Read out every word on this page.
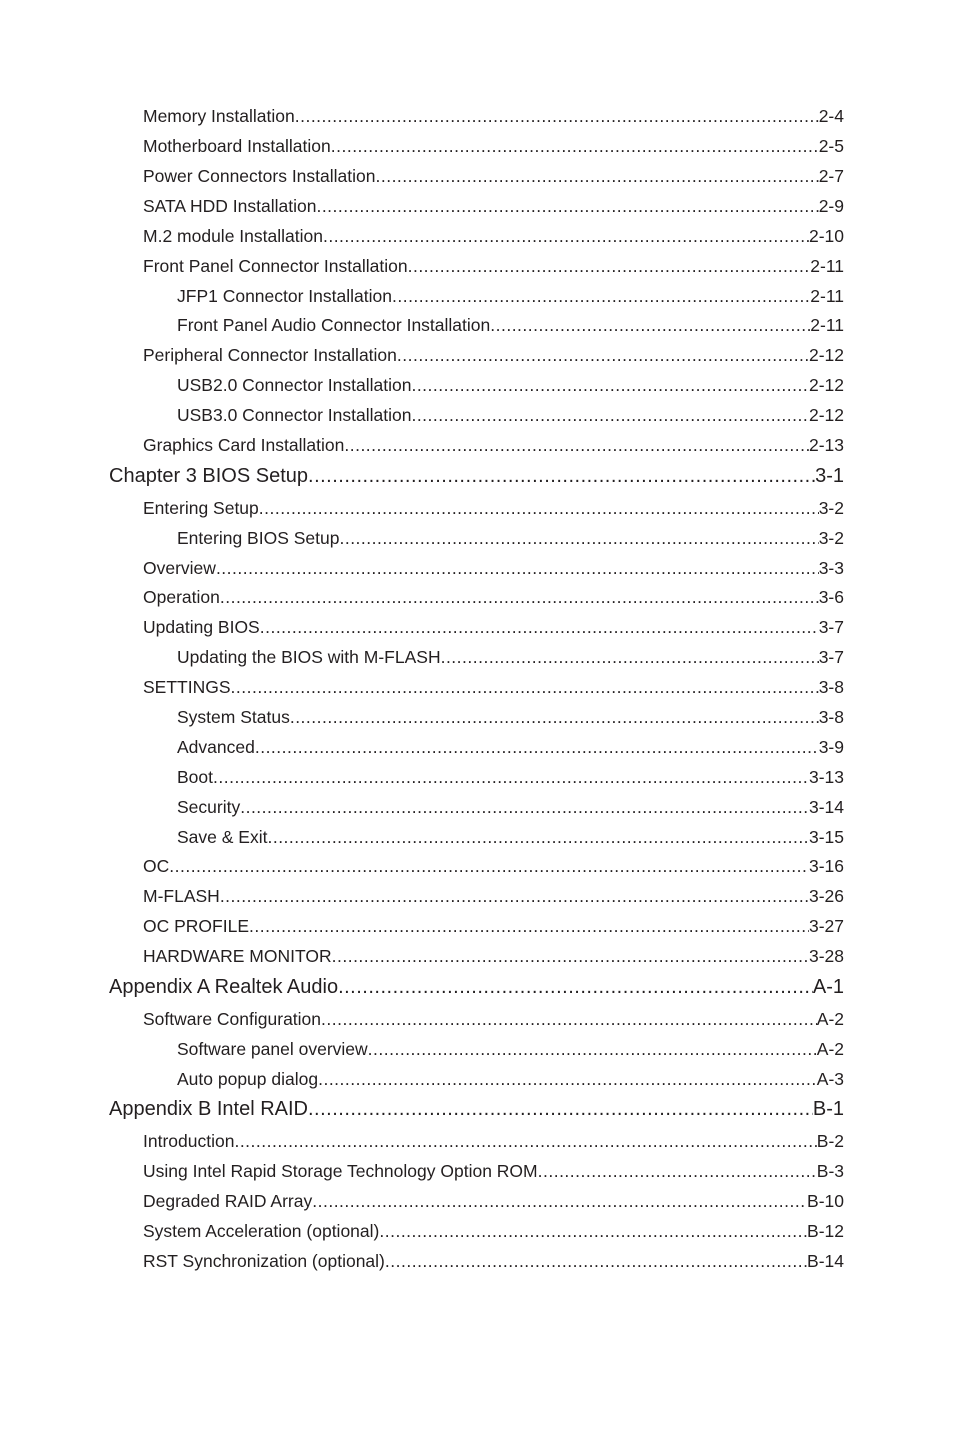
Memory Installation .....	2-4
Motherboard Installation .....	2-5
Power Connectors Installation .....	2-7
SATA HDD Installation .....	2-9
M.2 module Installation .....	2-10
Front Panel Connector Installation .....	2-11
JFP1 Connector Installation .....	2-11
Front Panel Audio Connector Installation .....	2-11
Peripheral Connector Installation .....	2-12
USB2.0 Connector Installation .....	2-12
USB3.0 Connector Installation .....	2-12
Graphics Card Installation .....	2-13
Chapter 3 BIOS Setup .....	3-1
Entering Setup .....	3-2
Entering BIOS Setup .....	3-2
Overview .....	3-3
Operation .....	3-6
Updating BIOS .....	3-7
Updating the BIOS with M-FLASH .....	3-7
SETTINGS .....	3-8
System Status .....	3-8
Advanced .....	3-9
Boot .....	3-13
Security .....	3-14
Save & Exit .....	3-15
OC .....	3-16
M-FLASH .....	3-26
OC PROFILE .....	3-27
HARDWARE MONITOR .....	3-28
Appendix A Realtek Audio .....	A-1
Software Configuration .....	A-2
Software panel overview .....	A-2
Auto popup dialog .....	A-3
Appendix B Intel RAID .....	B-1
Introduction .....	B-2
Using Intel Rapid Storage Technology Option ROM .....	B-3
Degraded RAID Array .....	B-10
System Acceleration (optional) .....	B-12
RST Synchronization (optional) .....	B-14
